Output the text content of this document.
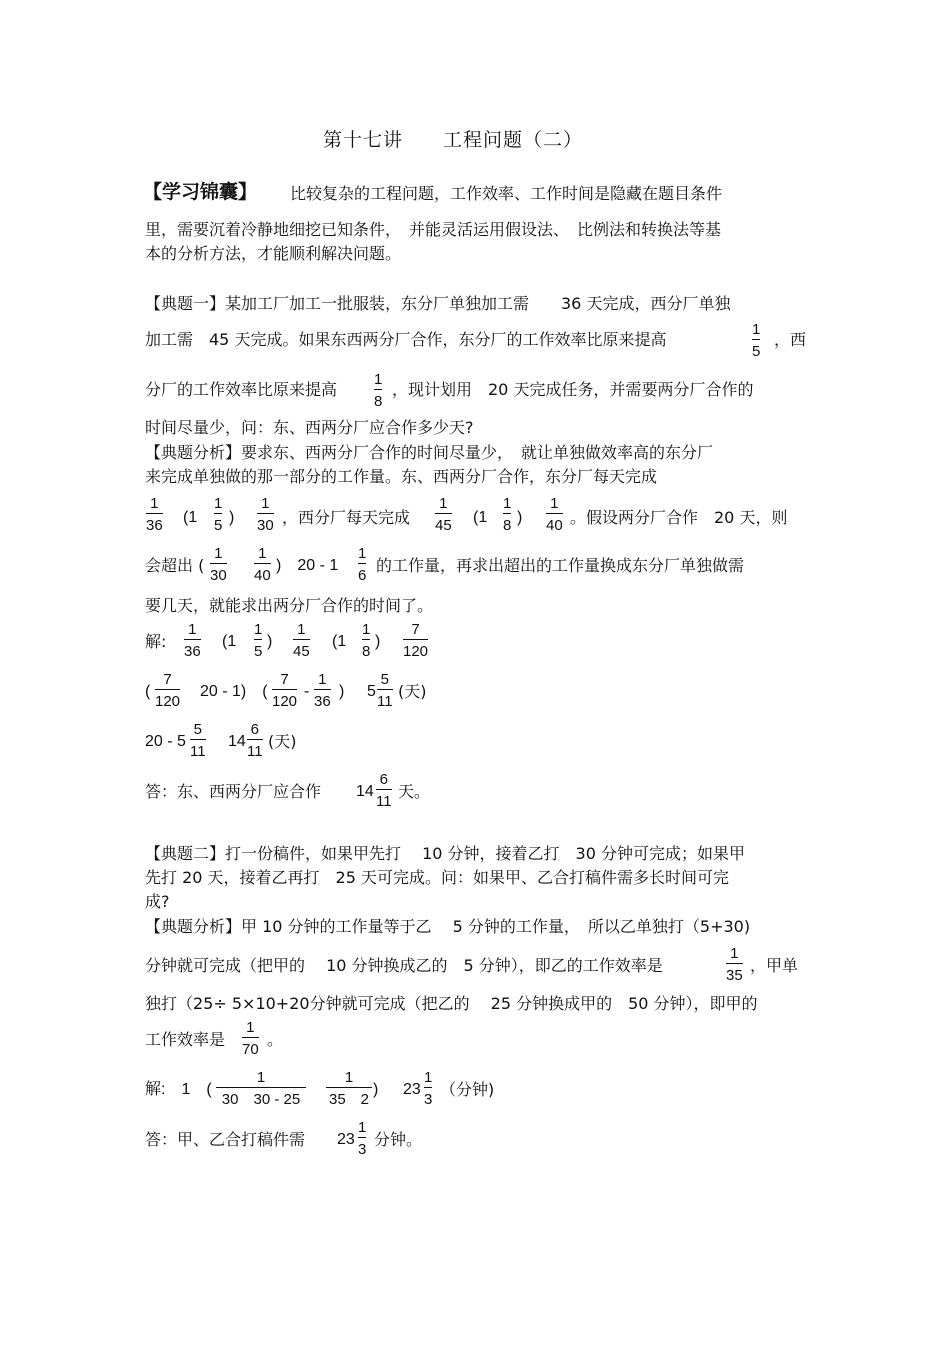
第十七讲　　工程问题（二）
【学习锦囊】 比较复杂的工程问题，工作效率、工作时间是隐藏在题目条件
里，需要沉着冷静地细挖已知条件，　并能灵活运用假设法、　比例法和转换法等基
本的分析方法，才能顺利解决问题。
【典题一】某加工厂加工一批服装，东分厂单独加工需　　36 天完成，西分厂单独
加工需　45 天完成。如果东西两分厂合作，东分厂的工作效率比原来提高
1
5
，西
分厂的工作效率比原来提高
1
8
，现计划用　20 天完成任务，并需要两分厂合作的
时间尽量少，问：东、西两分厂应合作多少天?
【典题分析】要求东、西两分厂合作的时间尽量少，　就让单独做效率高的东分厂
来完成单独做的那一部分的工作量。东、西两分厂合作，东分厂每天完成
1
36 (1
1
5 )
1
30 ，西分厂每天完成
1
45 (1
1
8 )
1
40 。假设两分厂合作　20 天，则
会超出 (
1
30
1
40
)　20 - 1
1
6
的工作量，再求出超出的工作量换成东分厂单独做需
要几天，就能求出两分厂合作的时间了。
解:
1
36
(1
1
5
)
1
45
(1
1
8
)
7
120
(
7
120
20 - 1)　(
7
120
-
1
36
) 5
5
11
(天)
20 - 5
5
11
14
6
11
(天)
答：东、西两分厂应合作 14
6
11
天。
【典题二】打一份稿件，如果甲先打　 10 分钟，接着乙打　30 分钟可完成；如果甲
先打 20 天，接着乙再打　25 天可完成。问：如果甲、乙合打稿件需多长时间可完
成?
【典题分析】甲 10 分钟的工作量等于乙　 5 分钟的工作量，　所以乙单独打（5+30)
分钟就可完成（把甲的　 10 分钟换成乙的　5 分钟），即乙的工作效率是
1
35
，甲单
独打（25÷ 5×10+20分钟就可完成（把乙的　 25 分钟换成甲的　50 分钟），即甲的
工作效率是
1
70
。
解:　1　(
1
30　30 - 25
1
35　2
) 23
1
3
（分钟)
答：甲、乙合打稿件需 23
1
3
分钟。
